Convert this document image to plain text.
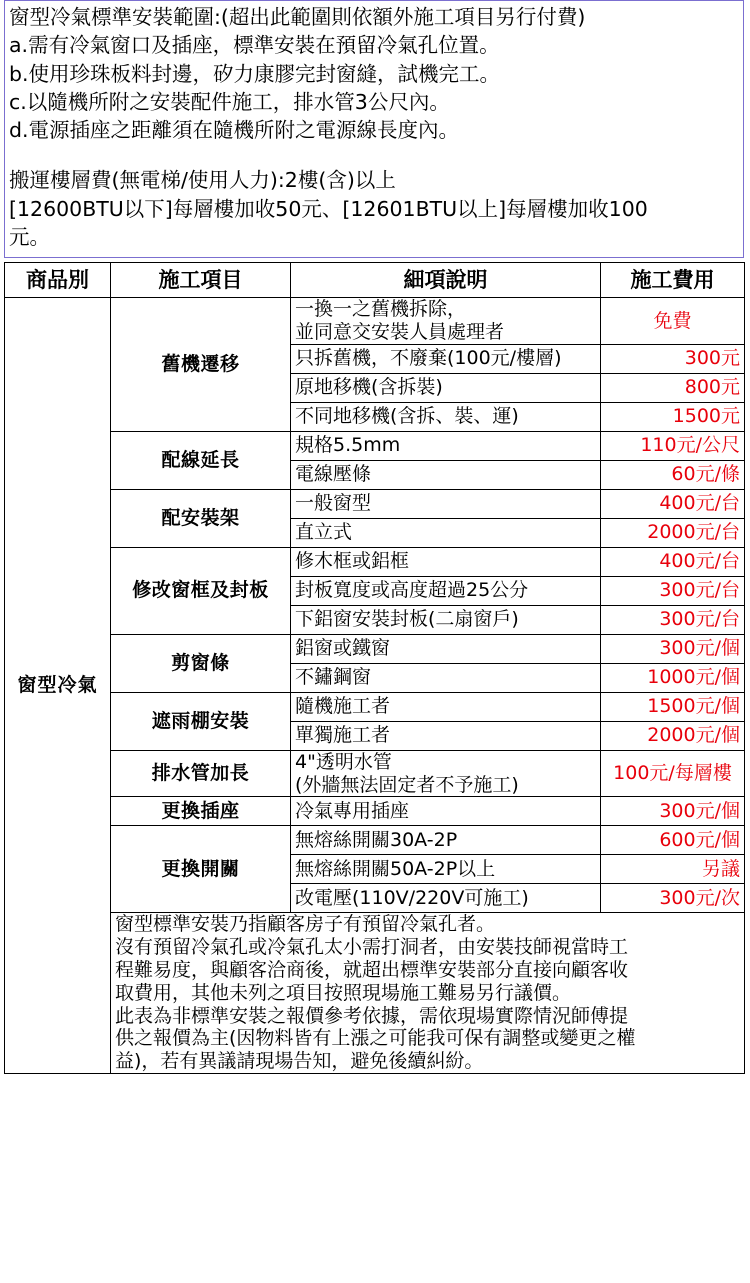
窗型冷氣標準安裝範圍:(超出此範圍則依額外施工項目另行付費)
a.需有冷氣窗口及插座，標準安裝在預留冷氣孔位置。
b.使用珍珠板料封邊，矽力康膠完封窗縫，試機完工。
c.以隨機所附之安裝配件施工，排水管3公尺內。
d.電源插座之距離須在隨機所附之電源線長度內。
搬運樓層費(無電梯/使用人力):2樓(含)以上
[12600BTU以下]每層樓加收50元、[12601BTU以上]每層樓加收100
元。
商品別	施工項目	細項說明	施工費用
窗型冷氣	舊機遷移	一換一之舊機拆除，
並同意交安裝人員處理者	免費
		只拆舊機，不廢棄(100元/樓層)	300元
		原地移機(含拆裝)	800元
		不同地移機(含拆、裝、運)	1500元
	配線延長	規格5.5mm	110元/公尺
		電線壓條	60元/條
	配安裝架	一般窗型	400元/台
		直立式	2000元/台
	修改窗框及封板	修木框或鋁框	400元/台
		封板寬度或高度超過25公分	300元/台
		下鋁窗安裝封板(二扇窗戶)	300元/台
	剪窗條	鋁窗或鐵窗	300元/個
		不鏽鋼窗	1000元/個
	遮雨棚安裝	隨機施工者	1500元/個
		單獨施工者	2000元/個
	排水管加長	4"透明水管
(外牆無法固定者不予施工)	100元/每層樓
	更換插座	冷氣專用插座	300元/個
	更換開關	無熔絲開關30A-2P	600元/個
		無熔絲開關50A-2P以上	另議
		改電壓(110V/220V可施工)	300元/次

窗型標準安裝乃指顧客房子有預留冷氣孔者。
沒有預留冷氣孔或冷氣孔太小需打洞者，由安裝技師視當時工
程難易度，與顧客洽商後，就超出標準安裝部分直接向顧客收
取費用，其他未列之項目按照現場施工難易另行議價。
此表為非標準安裝之報價參考依據，需依現場實際情況師傅提
供之報價為主(因物料皆有上漲之可能我可保有調整或變更之權
益)，若有異議請現場告知，避免後續糾紛。
